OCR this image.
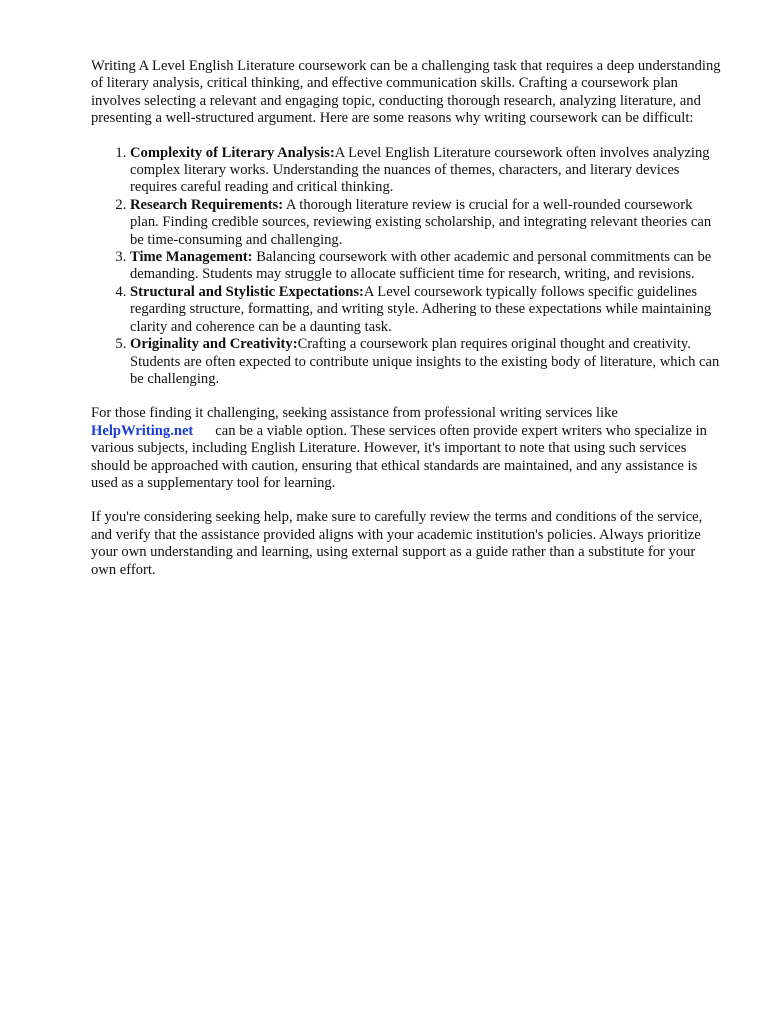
Writing A Level English Literature coursework can be a challenging task that requires a deep understanding of literary analysis, critical thinking, and effective communication skills. Crafting a coursework plan involves selecting a relevant and engaging topic, conducting thorough research, analyzing literature, and presenting a well-structured argument. Here are some reasons why writing coursework can be difficult:

1. Complexity of Literary Analysis:A Level English Literature coursework often involves analyzing complex literary works. Understanding the nuances of themes, characters, and literary devices requires careful reading and critical thinking.
2. Research Requirements: A thorough literature review is crucial for a well-rounded coursework plan. Finding credible sources, reviewing existing scholarship, and integrating relevant theories can be time-consuming and challenging.
3. Time Management: Balancing coursework with other academic and personal commitments can be demanding. Students may struggle to allocate sufficient time for research, writing, and revisions.
4. Structural and Stylistic Expectations:A Level coursework typically follows specific guidelines regarding structure, formatting, and writing style. Adhering to these expectations while maintaining clarity and coherence can be a daunting task.
5. Originality and Creativity:Crafting a coursework plan requires original thought and creativity. Students are often expected to contribute unique insights to the existing body of literature, which can be challenging.

For those finding it challenging, seeking assistance from professional writing services like
HelpWriting.net can be a viable option. These services often provide expert writers who specialize in various subjects, including English Literature. However, it's important to note that using such services should be approached with caution, ensuring that ethical standards are maintained, and any assistance is used as a supplementary tool for learning.

If you're considering seeking help, make sure to carefully review the terms and conditions of the service, and verify that the assistance provided aligns with your academic institution's policies. Always prioritize your own understanding and learning, using external support as a guide rather than a substitute for your own effort.
